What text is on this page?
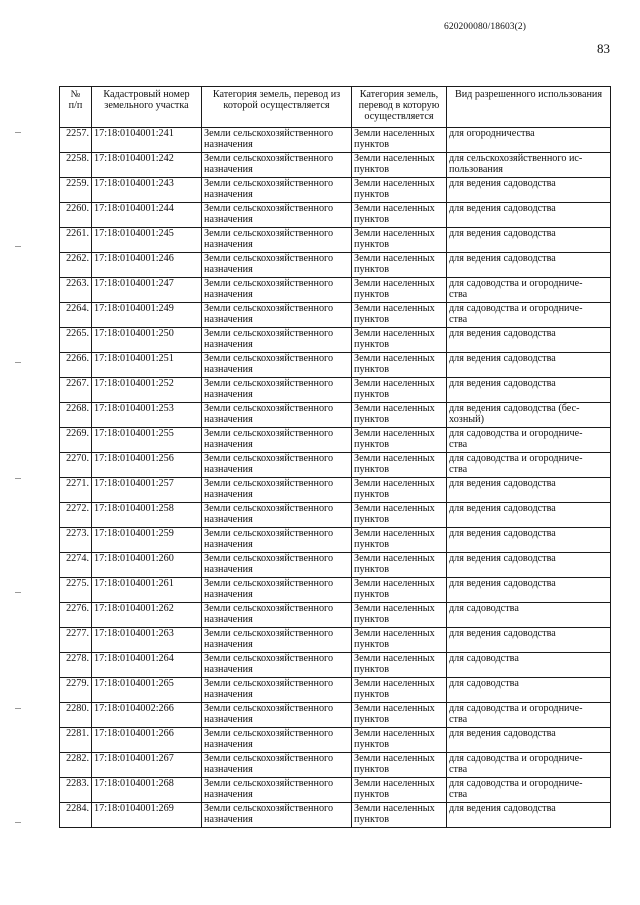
620200080/18603(2)
83
№
п/п	Кадастровый номер земельного участка	Категория земель, перевод из которой осуществляется	Категория земель, перевод в которую осуществляется	Вид разрешенного использования
2257.	17:18:0104001:241	Земли сельскохозяйственного назначения	Земли населенных пунктов	для огородничества
2258.	17:18:0104001:242	Земли сельскохозяйственного назначения	Земли населенных пунктов	для сельскохозяйственного ис-
пользования
2259.	17:18:0104001:243	Земли сельскохозяйственного назначения	Земли населенных пунктов	для ведения садоводства
2260.	17:18:0104001:244	Земли сельскохозяйственного назначения	Земли населенных пунктов	для ведения садоводства
2261.	17:18:0104001:245	Земли сельскохозяйственного назначения	Земли населенных пунктов	для ведения садоводства
2262.	17:18:0104001:246	Земли сельскохозяйственного назначения	Земли населенных пунктов	для ведения садоводства
2263.	17:18:0104001:247	Земли сельскохозяйственного назначения	Земли населенных пунктов	для садоводства и огородниче-
ства
2264.	17:18:0104001:249	Земли сельскохозяйственного назначения	Земли населенных пунктов	для садоводства и огородниче-
ства
2265.	17:18:0104001:250	Земли сельскохозяйственного назначения	Земли населенных пунктов	для ведения садоводства
2266.	17:18:0104001:251	Земли сельскохозяйственного назначения	Земли населенных пунктов	для ведения садоводства
2267.	17:18:0104001:252	Земли сельскохозяйственного назначения	Земли населенных пунктов	для ведения садоводства
2268.	17:18:0104001:253	Земли сельскохозяйственного назначения	Земли населенных пунктов	для ведения садоводства (бес-
хозный)
2269.	17:18:0104001:255	Земли сельскохозяйственного назначения	Земли населенных пунктов	для садоводства и огородниче-
ства
2270.	17:18:0104001:256	Земли сельскохозяйственного назначения	Земли населенных пунктов	для садоводства и огородниче-
ства
2271.	17:18:0104001:257	Земли сельскохозяйственного назначения	Земли населенных пунктов	для ведения садоводства
2272.	17:18:0104001:258	Земли сельскохозяйственного назначения	Земли населенных пунктов	для ведения садоводства
2273.	17:18:0104001:259	Земли сельскохозяйственного назначения	Земли населенных пунктов	для ведения садоводства
2274.	17:18:0104001:260	Земли сельскохозяйственного назначения	Земли населенных пунктов	для ведения садоводства
2275.	17:18:0104001:261	Земли сельскохозяйственного назначения	Земли населенных пунктов	для ведения садоводства
2276.	17:18:0104001:262	Земли сельскохозяйственного назначения	Земли населенных пунктов	для садоводства
2277.	17:18:0104001:263	Земли сельскохозяйственного назначения	Земли населенных пунктов	для ведения садоводства
2278.	17:18:0104001:264	Земли сельскохозяйственного назначения	Земли населенных пунктов	для садоводства
2279.	17:18:0104001:265	Земли сельскохозяйственного назначения	Земли населенных пунктов	для садоводства
2280.	17:18:0104002:266	Земли сельскохозяйственного назначения	Земли населенных пунктов	для садоводства и огородниче-
ства
2281.	17:18:0104001:266	Земли сельскохозяйственного назначения	Земли населенных пунктов	для ведения садоводства
2282.	17:18:0104001:267	Земли сельскохозяйственного назначения	Земли населенных пунктов	для садоводства и огородниче-
ства
2283.	17:18:0104001:268	Земли сельскохозяйственного назначения	Земли населенных пунктов	для садоводства и огородниче-
ства
2284.	17:18:0104001:269	Земли сельскохозяйственного назначения	Земли населенных пунктов	для ведения садоводства
